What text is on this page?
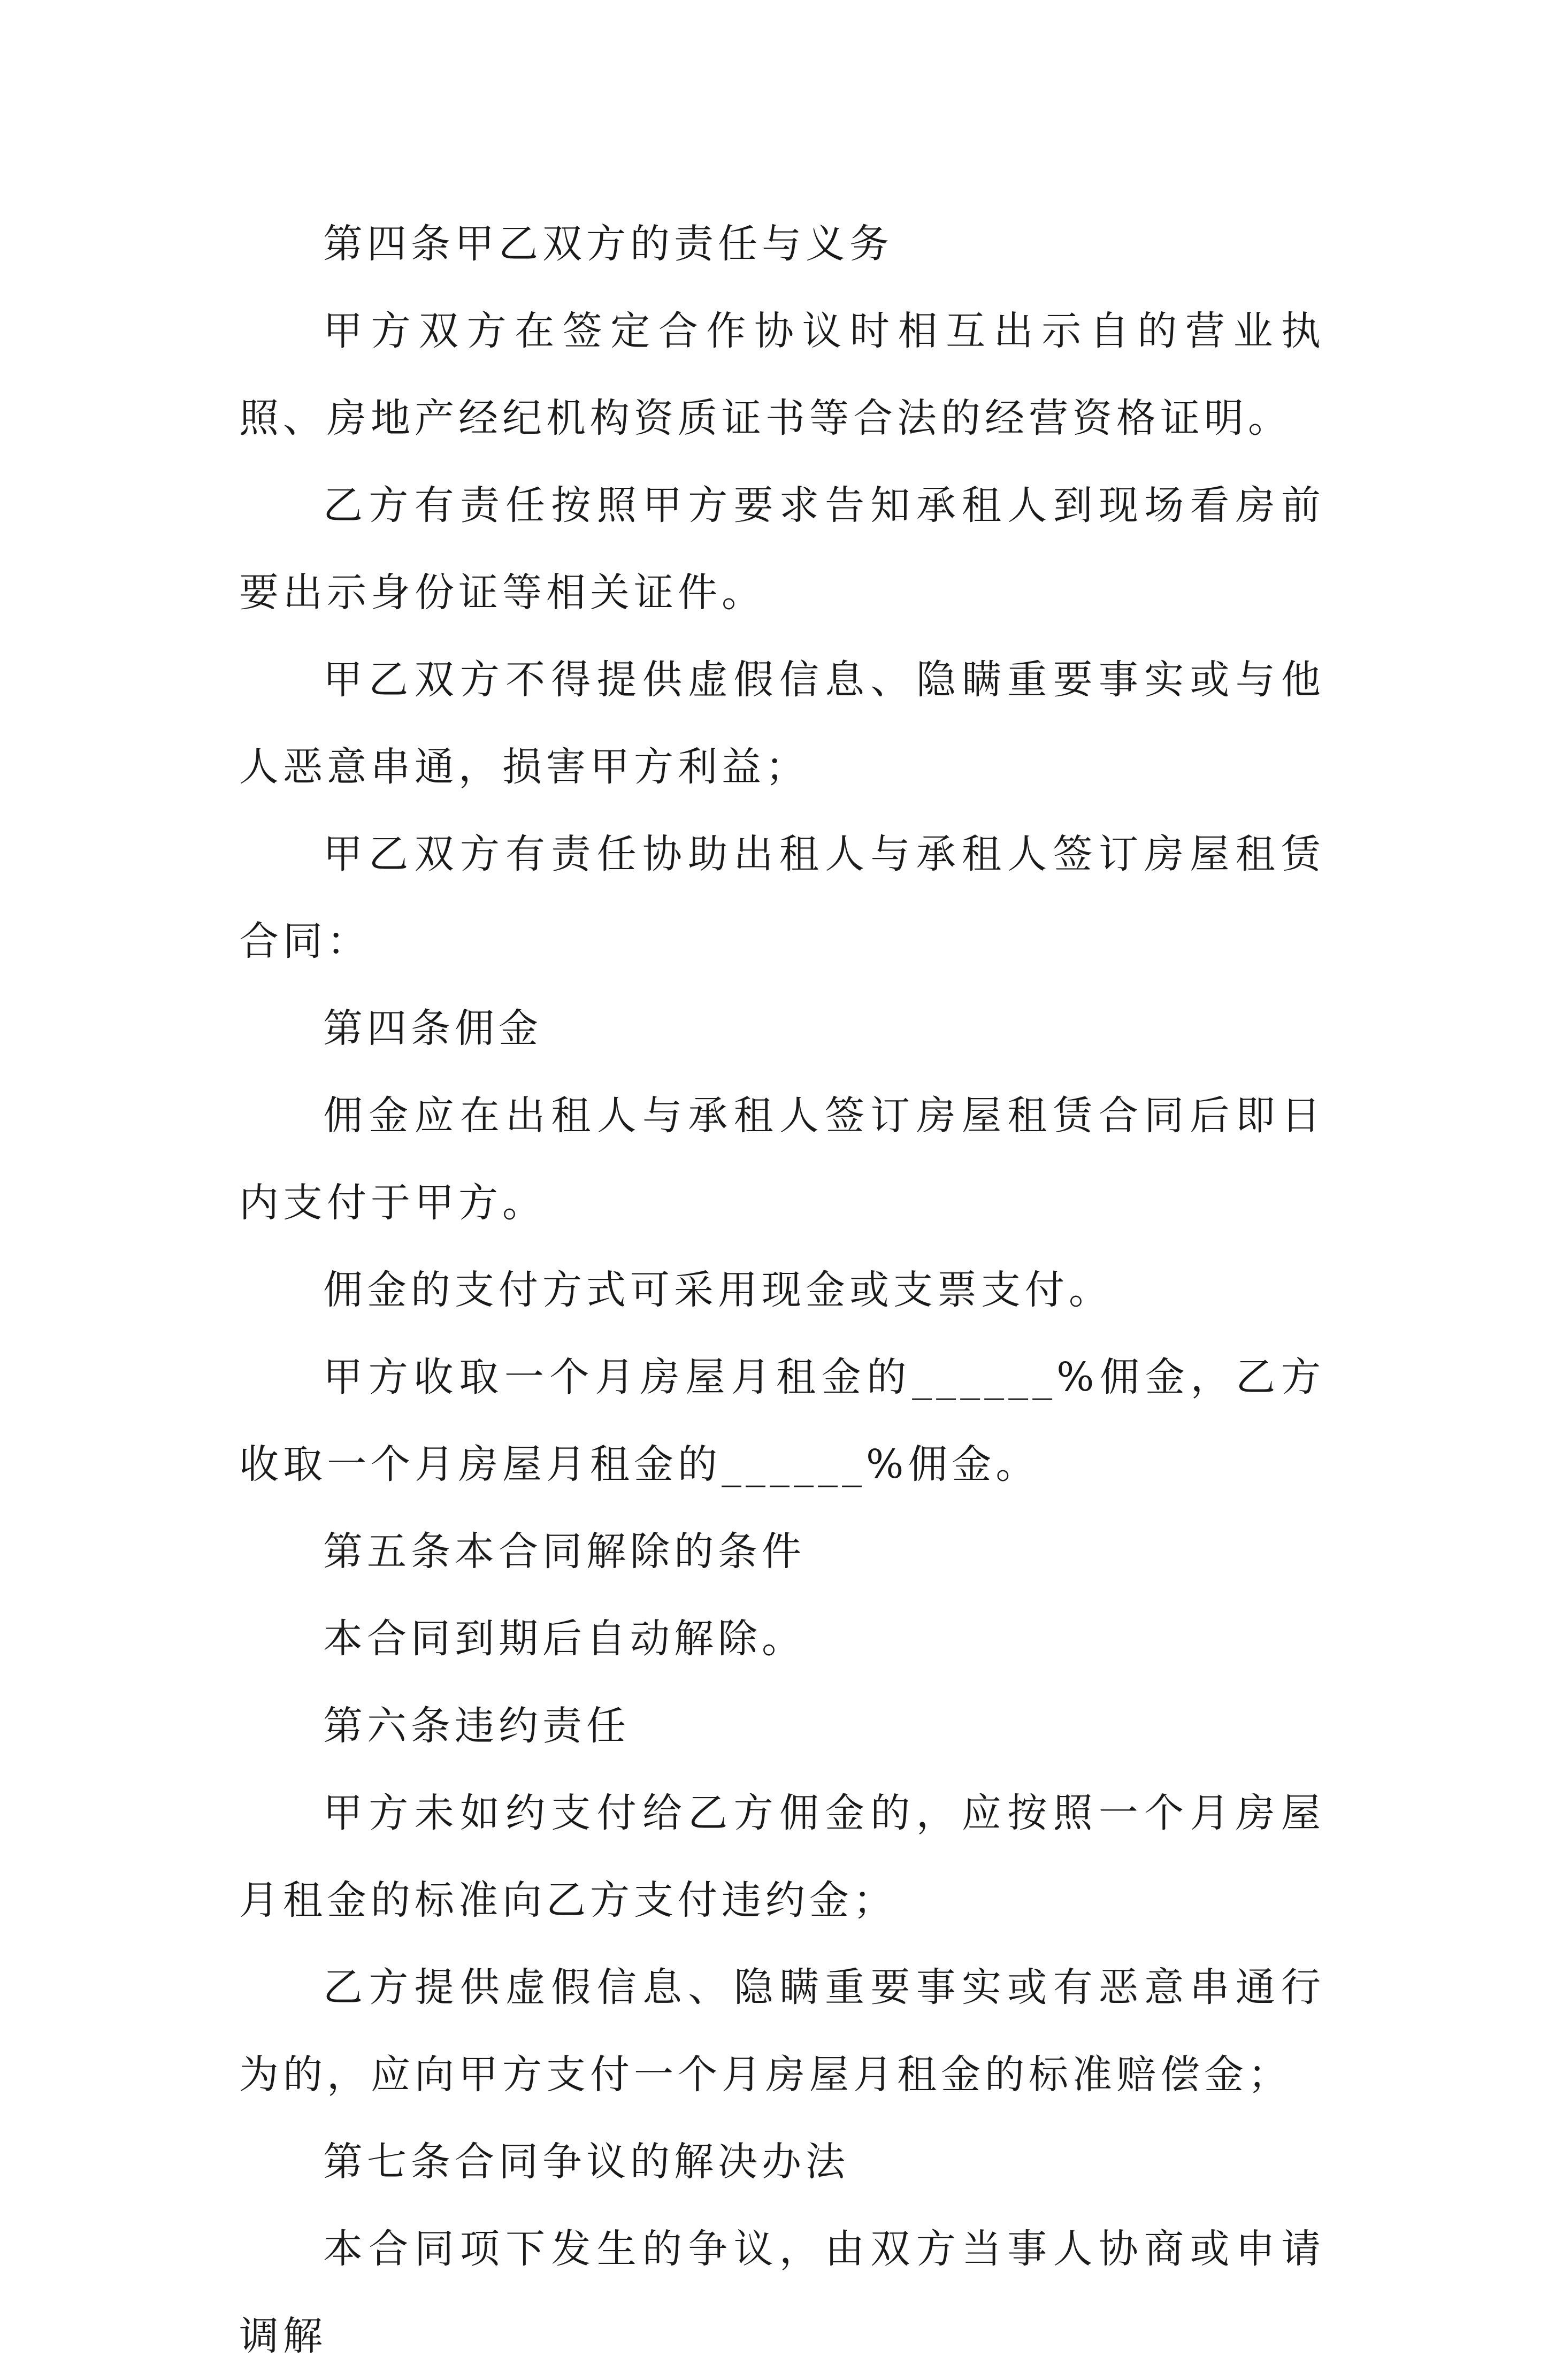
第四条甲乙双方的责任与义务

甲方双方在签定合作协议时相互出示自的营业执照、房地产经纪机构资质证书等合法的经营资格证明。

乙方有责任按照甲方要求告知承租人到现场看房前要出示身份证等相关证件。

甲乙双方不得提供虚假信息、隐瞒重要事实或与他人恶意串通，损害甲方利益；

甲乙双方有责任协助出租人与承租人签订房屋租赁合同：

第四条佣金

佣金应在出租人与承租人签订房屋租赁合同后即日内支付于甲方。

佣金的支付方式可采用现金或支票支付。

甲方收取一个月房屋月租金的______%佣金，乙方收取一个月房屋月租金的______%佣金。

第五条本合同解除的条件

本合同到期后自动解除。

第六条违约责任

甲方未如约支付给乙方佣金的，应按照一个月房屋月租金的标准向乙方支付违约金；

乙方提供虚假信息、隐瞒重要事实或有恶意串通行为的，应向甲方支付一个月房屋月租金的标准赔偿金；

第七条合同争议的解决办法

本合同项下发生的争议，由双方当事人协商或申请调解
